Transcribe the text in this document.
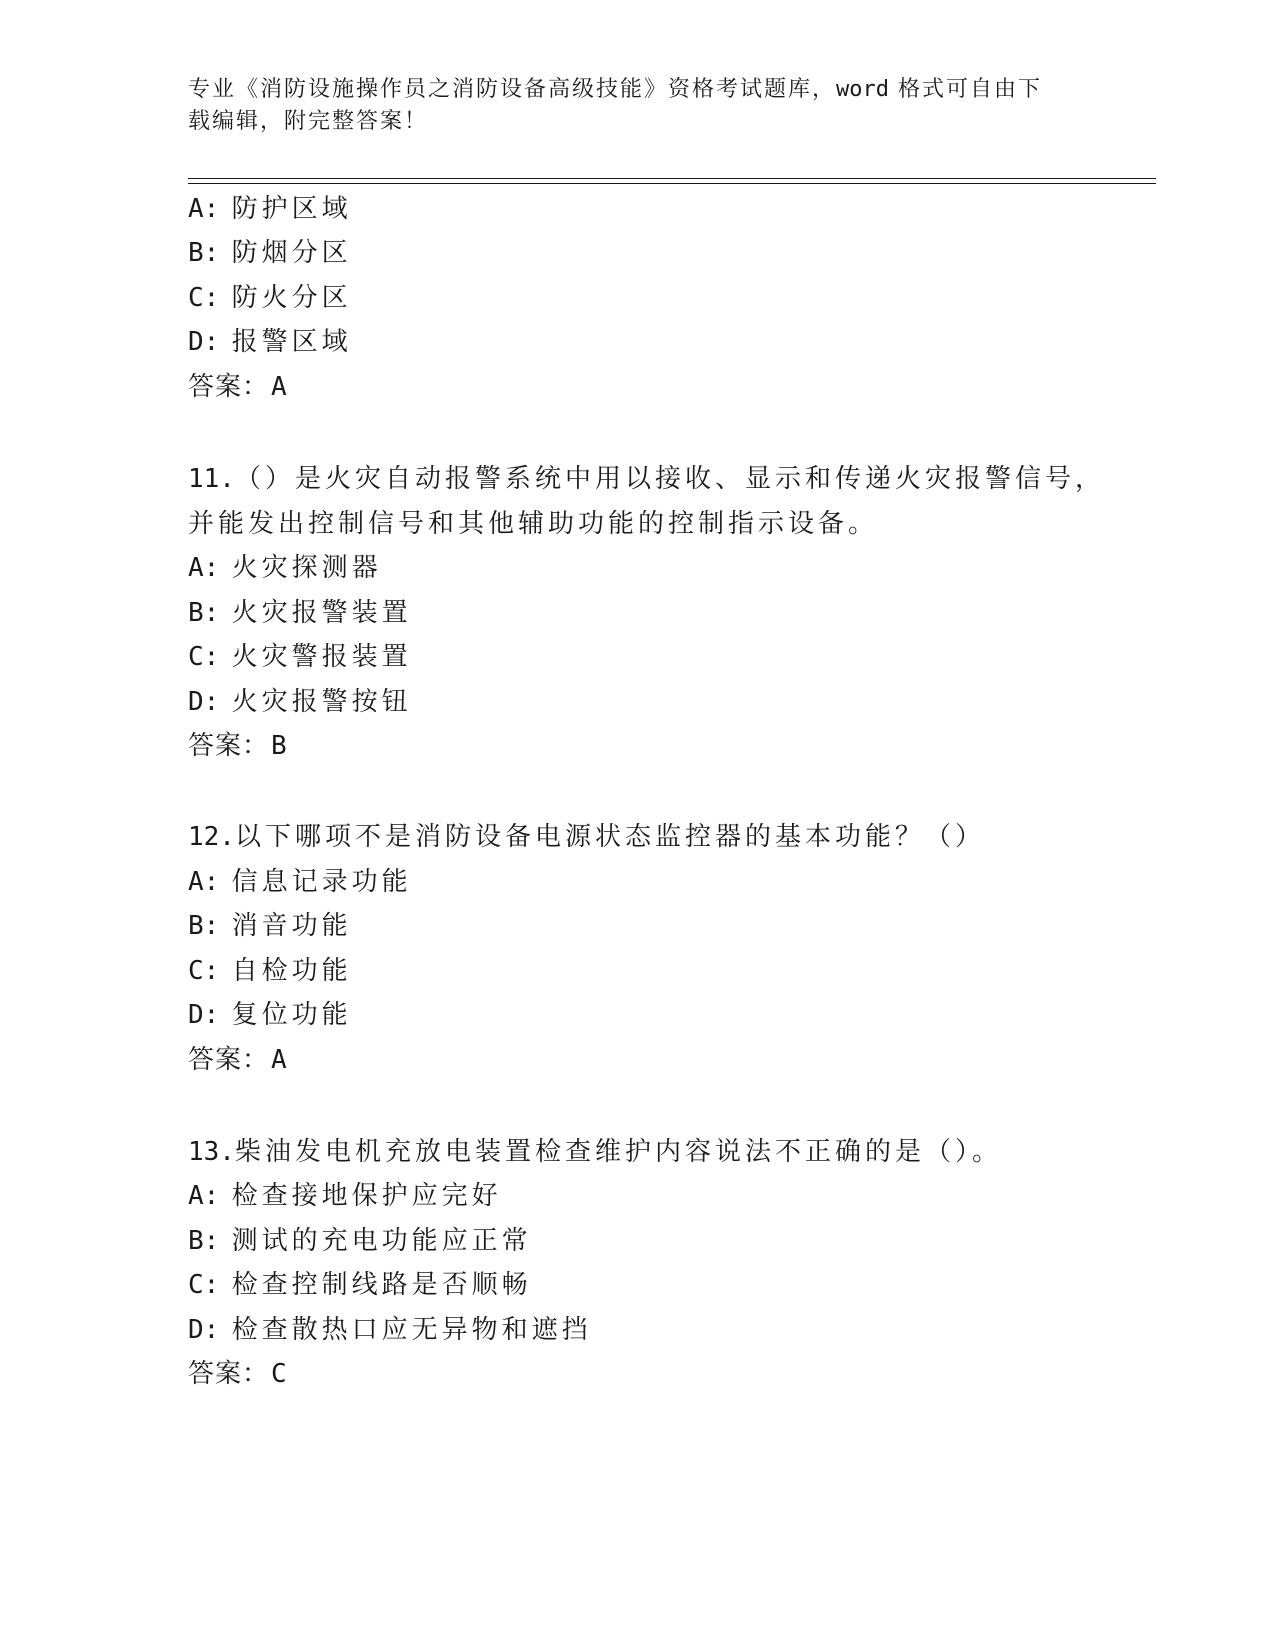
专业《消防设施操作员之消防设备高级技能》资格考试题库，word 格式可自由下
载编辑，附完整答案！
A: 防护区域
B: 防烟分区
C: 防火分区
D: 报警区域
答案：A
11.（）是火灾自动报警系统中用以接收、显示和传递火灾报警信号，
并能发出控制信号和其他辅助功能的控制指示设备。
A: 火灾探测器
B: 火灾报警装置
C: 火灾警报装置
D: 火灾报警按钮
答案：B
12.以下哪项不是消防设备电源状态监控器的基本功能？（）
A: 信息记录功能
B: 消音功能
C: 自检功能
D: 复位功能
答案：A
13.柴油发电机充放电装置检查维护内容说法不正确的是（）。
A: 检查接地保护应完好
B: 测试的充电功能应正常
C: 检查控制线路是否顺畅
D: 检查散热口应无异物和遮挡
答案：C
